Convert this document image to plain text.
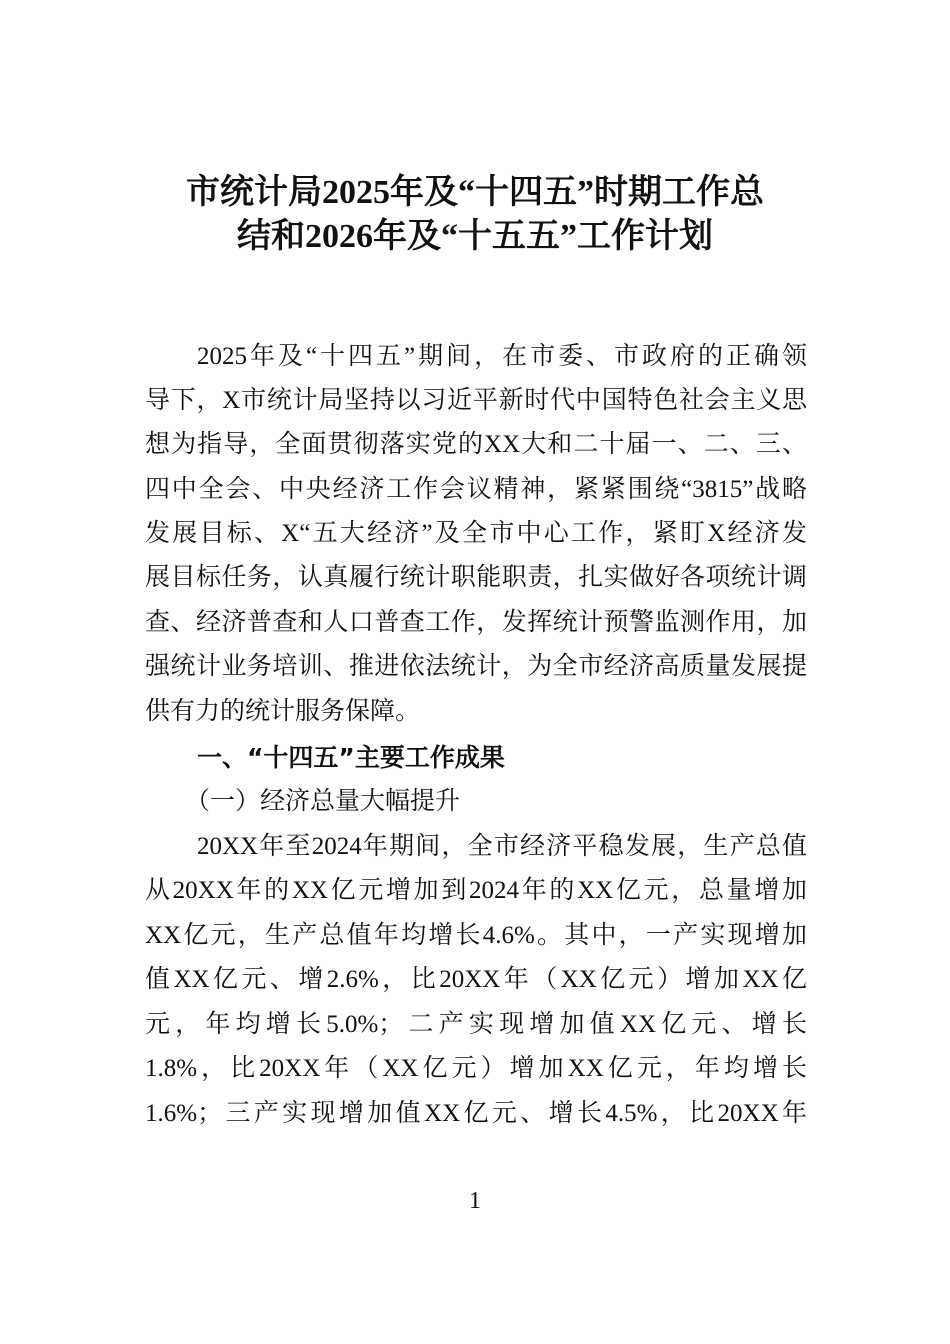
市统计局2025年及“十四五”时期工作总
结和2026年及“十五五”工作计划
2025年及“十四五”期间，在市委、市政府的正确领
导下，X市统计局坚持以习近平新时代中国特色社会主义思
想为指导，全面贯彻落实党的XX大和二十届一、二、三、
四中全会、中央经济工作会议精神，紧紧围绕“3815”战略
发展目标、X“五大经济”及全市中心工作，紧盯X经济发
展目标任务，认真履行统计职能职责，扎实做好各项统计调
查、经济普查和人口普查工作，发挥统计预警监测作用，加
强统计业务培训、推进依法统计，为全市经济高质量发展提
供有力的统计服务保障。
一、“十四五”主要工作成果
（一）经济总量大幅提升
20XX年至2024年期间，全市经济平稳发展，生产总值
从20XX年的XX亿元增加到2024年的XX亿元，总量增加
XX亿元，生产总值年均增长4.6%。其中，一产实现增加
值XX亿元、增2.6%，比20XX年（XX亿元）增加XX亿
元，年均增长5.0%；二产实现增加值XX亿元、增长
1.8%，比20XX年（XX亿元）增加XX亿元，年均增长
1.6%；三产实现增加值XX亿元、增长4.5%，比20XX年
1
